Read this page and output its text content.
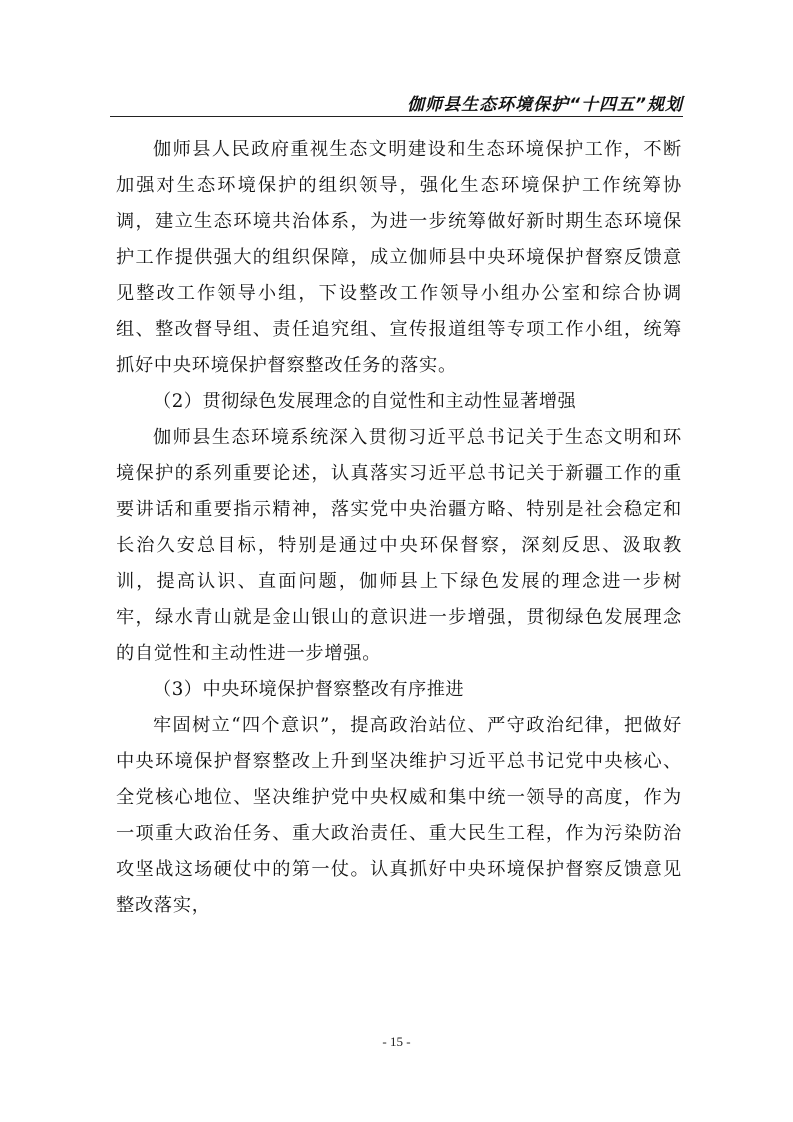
伽师县生态环境保护“十四五”规划

伽师县人民政府重视生态文明建设和生态环境保护工作，不断加强对生态环境保护的组织领导，强化生态环境保护工作统筹协调，建立生态环境共治体系，为进一步统筹做好新时期生态环境保护工作提供强大的组织保障，成立伽师县中央环境保护督察反馈意见整改工作领导小组，下设整改工作领导小组办公室和综合协调组、整改督导组、责任追究组、宣传报道组等专项工作小组，统筹抓好中央环境保护督察整改任务的落实。

（2）贯彻绿色发展理念的自觉性和主动性显著增强

伽师县生态环境系统深入贯彻习近平总书记关于生态文明和环境保护的系列重要论述，认真落实习近平总书记关于新疆工作的重要讲话和重要指示精神，落实党中央治疆方略、特别是社会稳定和长治久安总目标，特别是通过中央环保督察，深刻反思、汲取教训，提高认识、直面问题，伽师县上下绿色发展的理念进一步树牢，绿水青山就是金山银山的意识进一步增强，贯彻绿色发展理念的自觉性和主动性进一步增强。

（3）中央环境保护督察整改有序推进

牢固树立“四个意识”，提高政治站位、严守政治纪律，把做好中央环境保护督察整改上升到坚决维护习近平总书记党中央核心、全党核心地位、坚决维护党中央权威和集中统一领导的高度，作为一项重大政治任务、重大政治责任、重大民生工程，作为污染防治攻坚战这场硬仗中的第一仗。认真抓好中央环境保护督察反馈意见整改落实，

- 15 -
